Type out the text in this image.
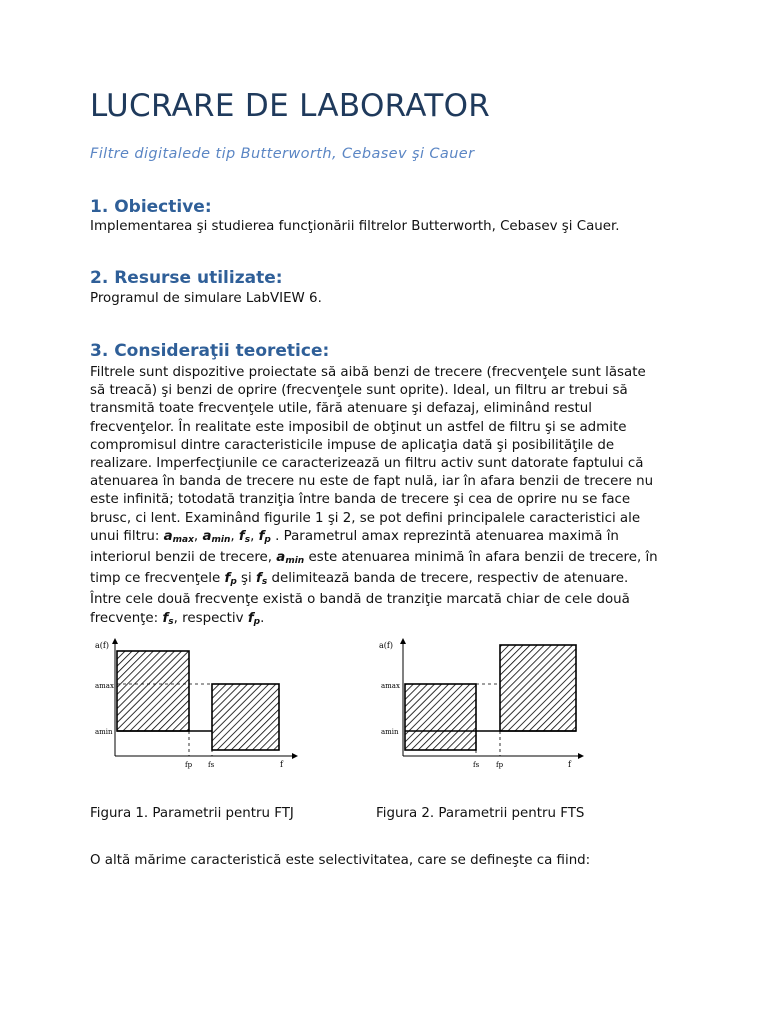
LUCRARE DE LABORATOR
Filtre digitalede tip Butterworth, Cebasev şi Cauer
1. Obiective:
Implementarea şi studierea funcţionării filtrelor Butterworth, Cebasev şi Cauer.
2. Resurse utilizate:
Programul de simulare LabVIEW 6.
3. Consideraţii teoretice:
Filtrele sunt dispozitive proiectate să aibă benzi de trecere (frecvenţele sunt lăsate
să treacă) şi benzi de oprire (frecvenţele sunt oprite). Ideal, un filtru ar trebui să
transmită toate frecvenţele utile, fără atenuare şi defazaj, eliminând restul
frecvenţelor. În realitate este imposibil de obţinut un astfel de filtru şi se admite
compromisul dintre caracteristicile impuse de aplicaţia dată şi posibilităţile de
realizare. Imperfecţiunile ce caracterizează un filtru activ sunt datorate faptului că
atenuarea în banda de trecere nu este de fapt nulă, iar în afara benzii de trecere nu
este infinită; totodată tranziţia între banda de trecere şi cea de oprire nu se face
brusc, ci lent. Examinând figurile 1 şi 2, se pot defini principalele caracteristici ale
unui filtru: $a_{max}$, $a_{min}$, $f_s$, $f_p$ . Parametrul amax reprezintă atenuarea maximă în
interiorul benzii de trecere, $a_{min}$ este atenuarea minimă în afara benzii de trecere, în
timp ce frecvenţele $f_p$ şi $f_s$ delimitează banda de trecere, respectiv de atenuare.
Între cele două frecvenţe există o bandă de tranziţie marcată chiar de cele două
frecvenţe: $f_s$, respectiv $f_p$.
a(f)
amax
amin
fp fs	f
a(f)
amax
amin
fs fp	f
Figura 1. Parametrii pentru FTJ	Figura 2. Parametrii pentru FTS
O altă mărime caracteristică este selectivitatea, care se defineşte ca fiind:
